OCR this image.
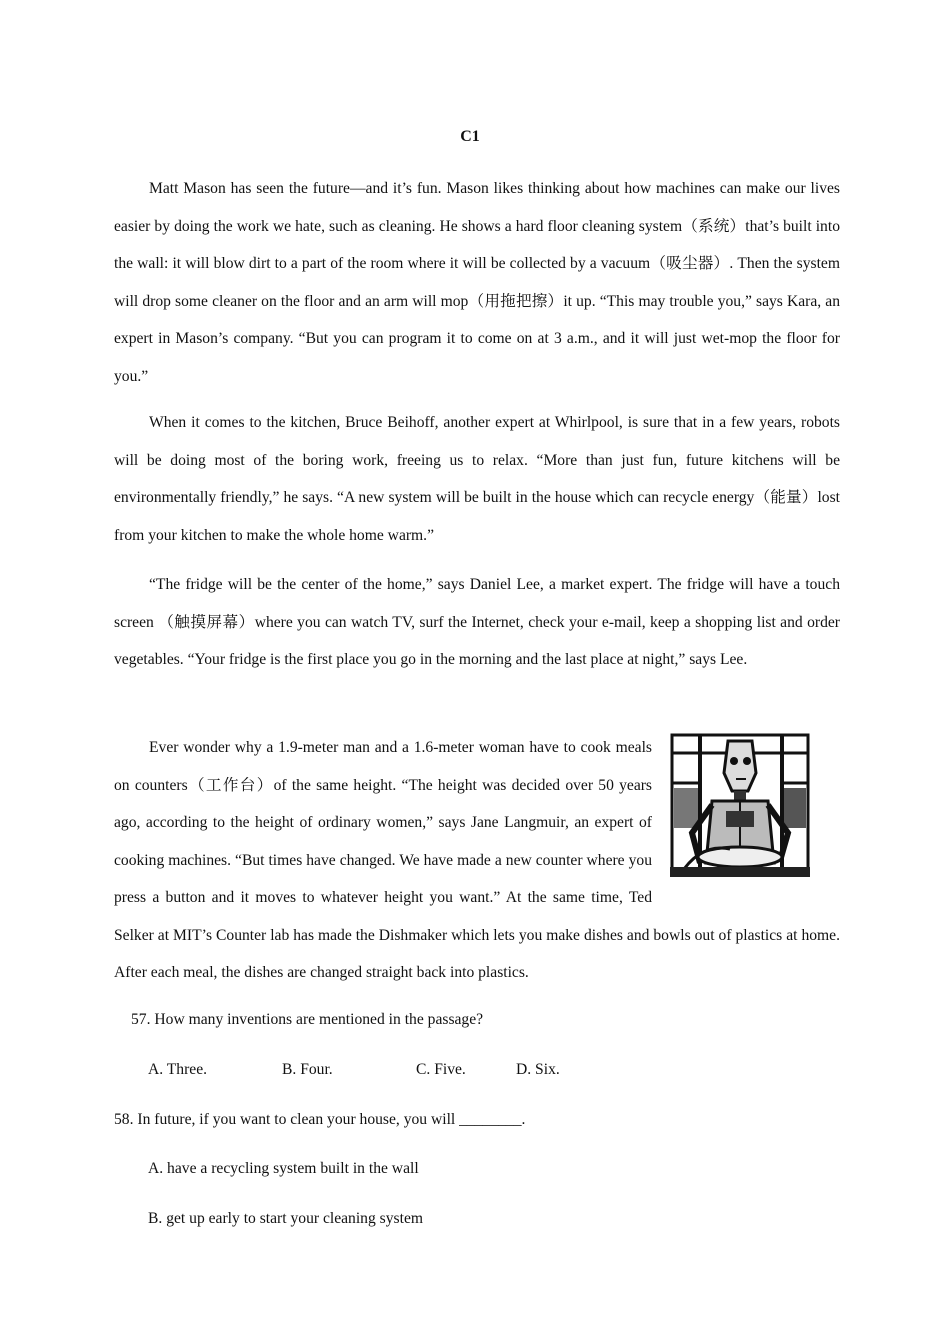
C1

Matt Mason has seen the future—and it’s fun. Mason likes thinking about how machines can make our lives easier by doing the work we hate, such as cleaning. He shows a hard floor cleaning system（系统）that’s built into the wall: it will blow dirt to a part of the room where it will be collected by a vacuum（吸尘器）. Then the system will drop some cleaner on the floor and an arm will mop（用拖把擦）it up. “This may trouble you,” says Kara, an expert in Mason’s company. “But you can program it to come on at 3 a.m., and it will just wet-mop the floor for you.”

When it comes to the kitchen, Bruce Beihoff, another expert at Whirlpool, is sure that in a few years, robots will be doing most of the boring work, freeing us to relax. “More than just fun, future kitchens will be environmentally friendly,” he says. “A new system will be built in the house which can recycle energy（能量）lost from your kitchen to make the whole home warm.”

“The fridge will be the center of the home,” says Daniel Lee, a market expert. The fridge will have a touch screen （触摸屏幕）where you can watch TV, surf the Internet, check your e-mail, keep a shopping list and order vegetables. “Your fridge is the first place you go in the morning and the last place at night,” says Lee.

Ever wonder why a 1.9-meter man and a 1.6-meter woman have to cook meals on counters（工作台）of the same height. “The height was decided over 50 years ago, according to the height of ordinary women,” says Jane Langmuir, an expert of cooking machines. “But times have changed. We have made a new counter where you press a button and it moves to whatever height you want.” At the same time, Ted Selker at MIT’s Counter lab has made the Dishmaker which lets you make dishes and bowls out of plastics at home. After each meal, the dishes are changed straight back into plastics.

57. How many inventions are mentioned in the passage?

A. Three.	B. Four.	C. Five.	D. Six.

58. In future, if you want to clean your house, you will ________.

A. have a recycling system built in the wall
B. get up early to start your cleaning system
